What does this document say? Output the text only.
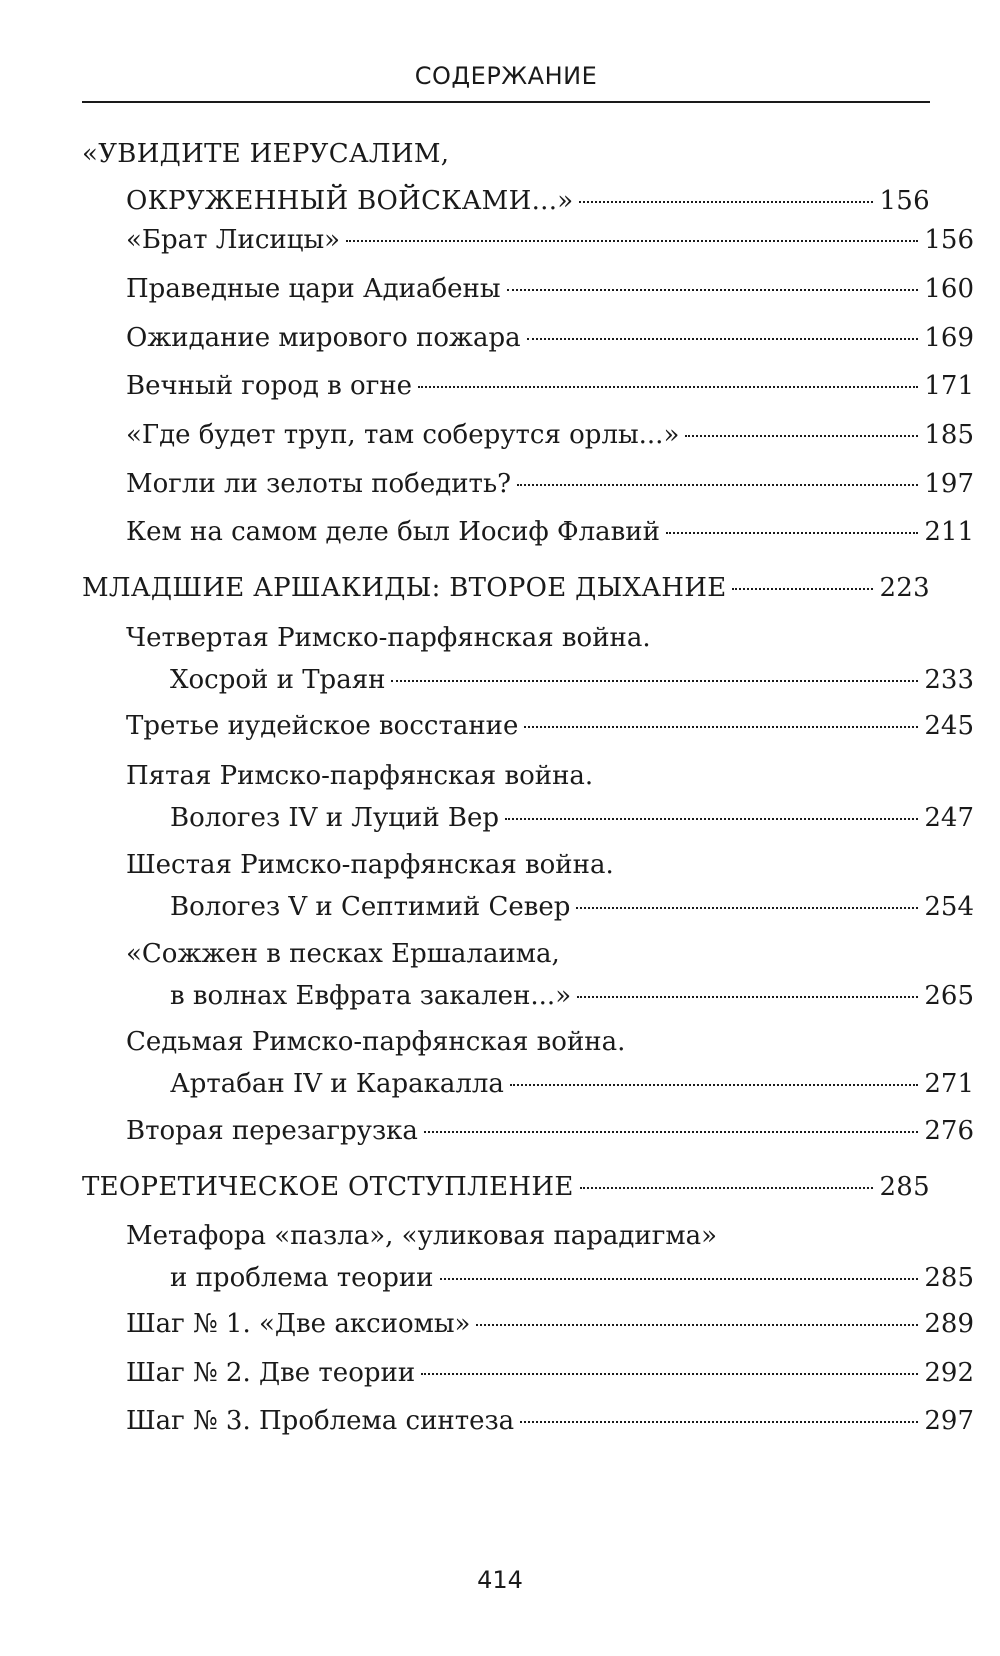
СОДЕРЖАНИЕ
«УВИДИТЕ ИЕРУСАЛИМ,
ОКРУЖЕННЫЙ ВОЙСКАМИ...»	156
«Брат Лисицы»	156
Праведные цари Адиабены	160
Ожидание мирового пожара	169
Вечный город в огне	171
«Где будет труп, там соберутся орлы...»	185
Могли ли зелоты победить?	197
Кем на самом деле был Иосиф Флавий	211
МЛАДШИЕ АРШАКИДЫ: ВТОРОЕ ДЫХАНИЕ	223
Четвертая Римско-парфянская война.
Хосрой и Траян	233
Третье иудейское восстание	245
Пятая Римско-парфянская война.
Вологез IV и Луций Вер	247
Шестая Римско-парфянская война.
Вологез V и Септимий Север	254
«Сожжен в песках Ершалаима,
в волнах Евфрата закален...»	265
Седьмая Римско-парфянская война.
Артабан IV и Каракалла	271
Вторая перезагрузка	276
ТЕОРЕТИЧЕСКОЕ ОТСТУПЛЕНИЕ	285
Метафора «пазла», «уликовая парадигма»
и проблема теории	285
Шаг № 1. «Две аксиомы»	289
Шаг № 2. Две теории	292
Шаг № 3. Проблема синтеза	297
414
